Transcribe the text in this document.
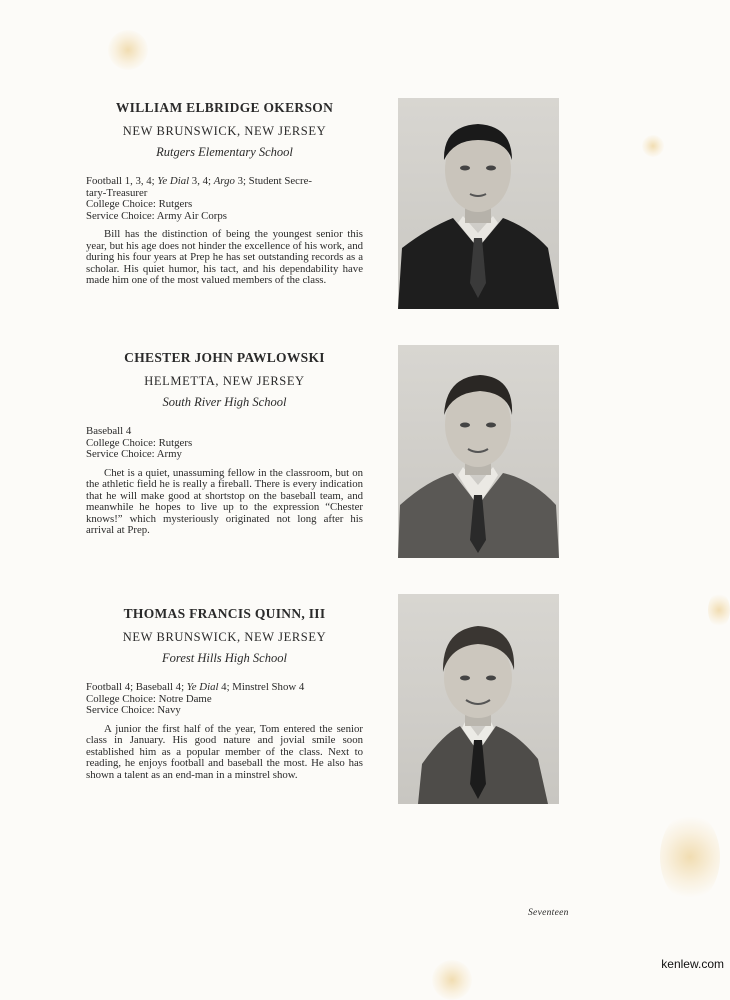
WILLIAM ELBRIDGE OKERSON
NEW BRUNSWICK, NEW JERSEY
Rutgers Elementary School
Football 1, 3, 4; Ye Dial 3, 4; Argo 3; Student Secre-
tary-Treasurer
College Choice: Rutgers
Service Choice: Army Air Corps
Bill has the distinction of being the youngest senior this year, but his age does not hinder the excellence of his work, and during his four years at Prep he has set outstanding records as a scholar. His quiet humor, his tact, and his dependability have made him one of the most valued members of the class.
CHESTER JOHN PAWLOWSKI
HELMETTA, NEW JERSEY
South River High School
Baseball 4
College Choice: Rutgers
Service Choice: Army
Chet is a quiet, unassuming fellow in the classroom, but on the athletic field he is really a fireball. There is every indication that he will make good at shortstop on the baseball team, and meanwhile he hopes to live up to the expression “Chester knows!” which mysteriously originated not long after his arrival at Prep.
THOMAS FRANCIS QUINN, III
NEW BRUNSWICK, NEW JERSEY
Forest Hills High School
Football 4; Baseball 4; Ye Dial 4; Minstrel Show 4
College Choice: Notre Dame
Service Choice: Navy
A junior the first half of the year, Tom entered the senior class in January. His good nature and jovial smile soon established him as a popular member of the class. Next to reading, he enjoys football and baseball the most. He also has shown a talent as an end-man in a minstrel show.
Seventeen
kenlew.com
